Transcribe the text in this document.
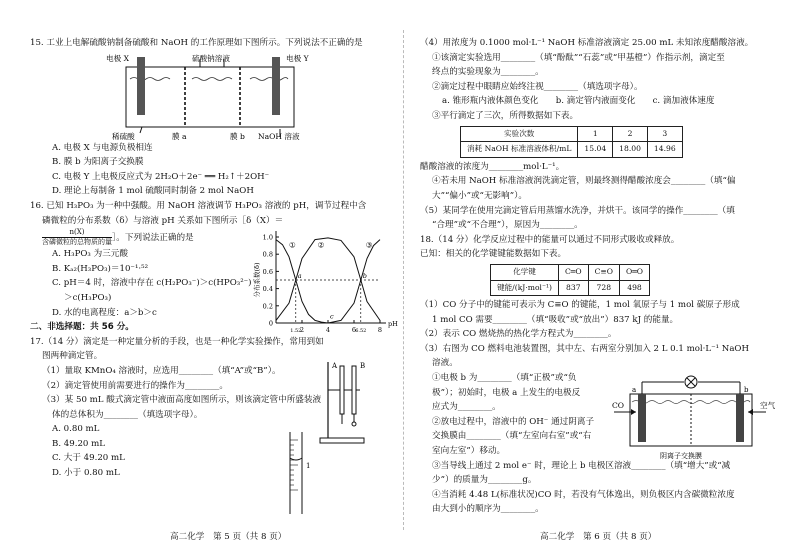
15. 工业上电解硫酸钠制备硫酸和 NaOH 的工作原理如下图所示。下列说法不正确的是
电极 X	硫酸钠溶液	电极 Y
稀硫酸	膜 a	膜 b NaOH 溶液
A. 电极 X 与电源负极相连
B. 膜 b 为阳离子交换膜
C. 电极 Y 上电极反应式为 2H₂O＋2e⁻ ══ H₂↑＋2OH⁻
D. 理论上每制备 1 mol 硫酸同时制备 2 mol NaOH
16. 已知 H₃PO₃ 为一种中强酸。用 NaOH 溶液调节 H₃PO₃ 溶液的 pH，调节过程中含
磷微粒的分布系数（δ）与溶液 pH 关系如下图所示［δ（X）＝
$\frac{n(X)}{\text{含磷微粒的总物质的量}}$ ］。下列说法正确的是
A. H₃PO₃ 为三元酸
B. Kₐ₂(H₃PO₃)＝10⁻¹·⁵²
C. pH＝4 时，溶液中存在 c(H₂PO₃⁻)＞c(HPO₃²⁻)
＞c(H₃PO₃)
D. 水的电离程度：a＞b＞c
0
0.2
0.4
0.6
0.8
1.0
2	4	6	8
①	②	③
a	b
c
1.52	6.52
pH
分布系数(δ)
二、非选择题：共 56 分。
17.（14 分）滴定是一种定量分析的手段，也是一种化学实验操作，常用到如
图两种滴定管。
（1）量取 KMnO₄ 溶液时，应选用________（填“A”或“B”）。
（2）滴定管使用前需要进行的操作为________。
（3）某 50 mL 酸式滴定管中液面高度如图所示，则该滴定管中所盛装液
体的总体积为________（填选项字母）。
A. 0.80 mL
B. 49.20 mL
C. 大于 49.20 mL
D. 小于 0.80 mL
A	B
1
（4）用浓度为 0.1000 mol·L⁻¹ NaOH 标准溶液滴定 25.00 mL 未知浓度醋酸溶液。
①该滴定实验选用________（填“酚酞”“石蕊”或“甲基橙”）作指示剂，滴定至
终点的实验现象为________。
②滴定过程中眼睛应始终注视________（填选项字母）。
a. 锥形瓶内液体颜色变化　　b. 滴定管内液面变化　　c. 滴加液体速度
③平行滴定了三次，所得数据如下表。
实验次数	1	2	3
消耗 NaOH 标准溶液体积/mL	15.04	18.00	14.96
醋酸溶液的浓度为________mol·L⁻¹。
④若未用 NaOH 标准溶液润洗滴定管，则最终测得醋酸浓度会________（填“偏
大”“偏小”或“无影响”）。
（5）某同学在使用完滴定管后用蒸馏水洗净，并烘干。该同学的操作________（填
“合理”或“不合理”），原因为________。
18.（14 分）化学反应过程中的能量可以通过不同形式吸收或释放。
已知：相关的化学键键能数据如下表。
化学键	C═O	C≡O	O═O
键能/(kJ·mol⁻¹)	837	728	498
（1）CO 分子中的键能可表示为 C≡O 的键能，1 mol 氧原子与 1 mol 碳原子形成
1 mol CO 需要________（填“吸收”或“放出”）837 kJ 的能量。
（2）表示 CO 燃烧热的热化学方程式为________。
（3）右图为 CO 燃料电池装置图，其中左、右两室分别加入 2 L 0.1 mol·L⁻¹ NaOH
溶液。
①电极 b 为________（填“正极”或“负
极”）；初始时，电极 a 上发生的电极反
应式为________。
②放电过程中，溶液中的 OH⁻ 通过阴离子
交换膜由________（填“左室向右室”或“右
室向左室”）移动。
③当导线上通过 2 mol e⁻ 时，理论上 b 电极区溶液________（填“增大”或“减
少”）的质量为________g。
④当消耗 4.48 L(标准状况)CO 时，若没有气体逸出，则负极区内含碳微粒浓度
由大到小的顺序为________。
CO	空气
a	b
阴离子交换膜
高二化学　第 5 页（共 8 页）	高二化学　第 6 页（共 8 页）
